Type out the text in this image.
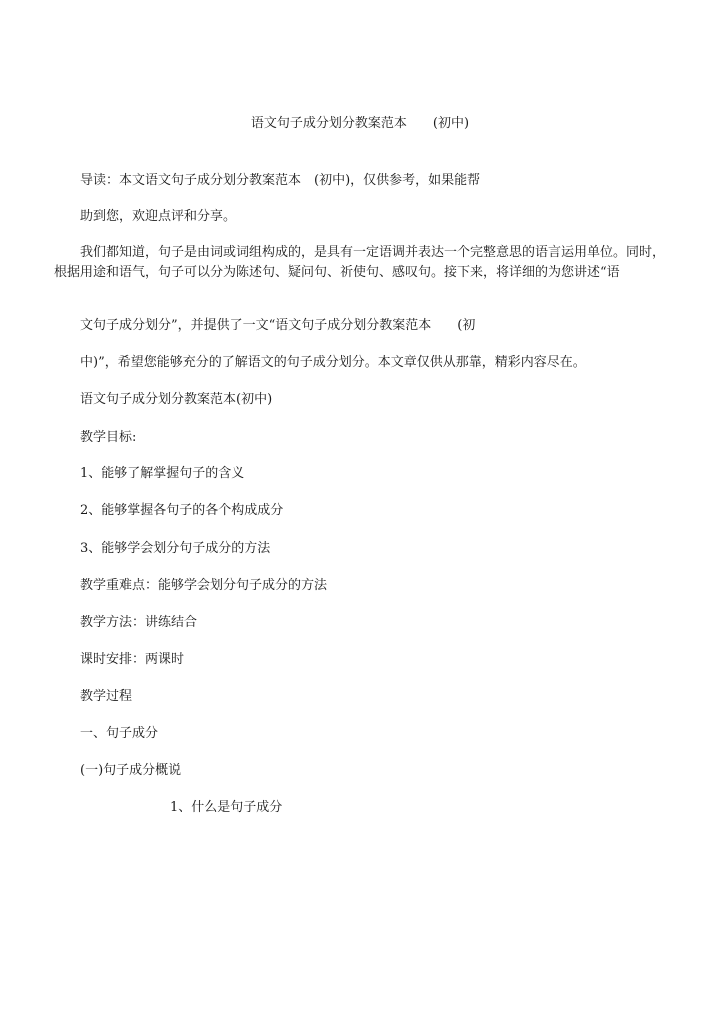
语文句子成分划分教案范本　　(初中)
导读：本文语文句子成分划分教案范本　(初中)，仅供参考，如果能帮
助到您，欢迎点评和分享。
我们都知道，句子是由词或词组构成的，是具有一定语调并表达一个完整意思的语言运用单位。同时，根据用途和语气，句子可以分为陈述句、疑问句、祈使句、感叹句。接下来，将详细的为您讲述“语
文句子成分划分”，并提供了一文“语文句子成分划分教案范本　　(初
中)”，希望您能够充分的了解语文的句子成分划分。本文章仅供从那靠，精彩内容尽在。
语文句子成分划分教案范本(初中)
教学目标:
1、能够了解掌握句子的含义
2、能够掌握各句子的各个构成成分
3、能够学会划分句子成分的方法
教学重难点：能够学会划分句子成分的方法
教学方法：讲练结合
课时安排：两课时
教学过程
一、句子成分
(一)句子成分概说
1、什么是句子成分
